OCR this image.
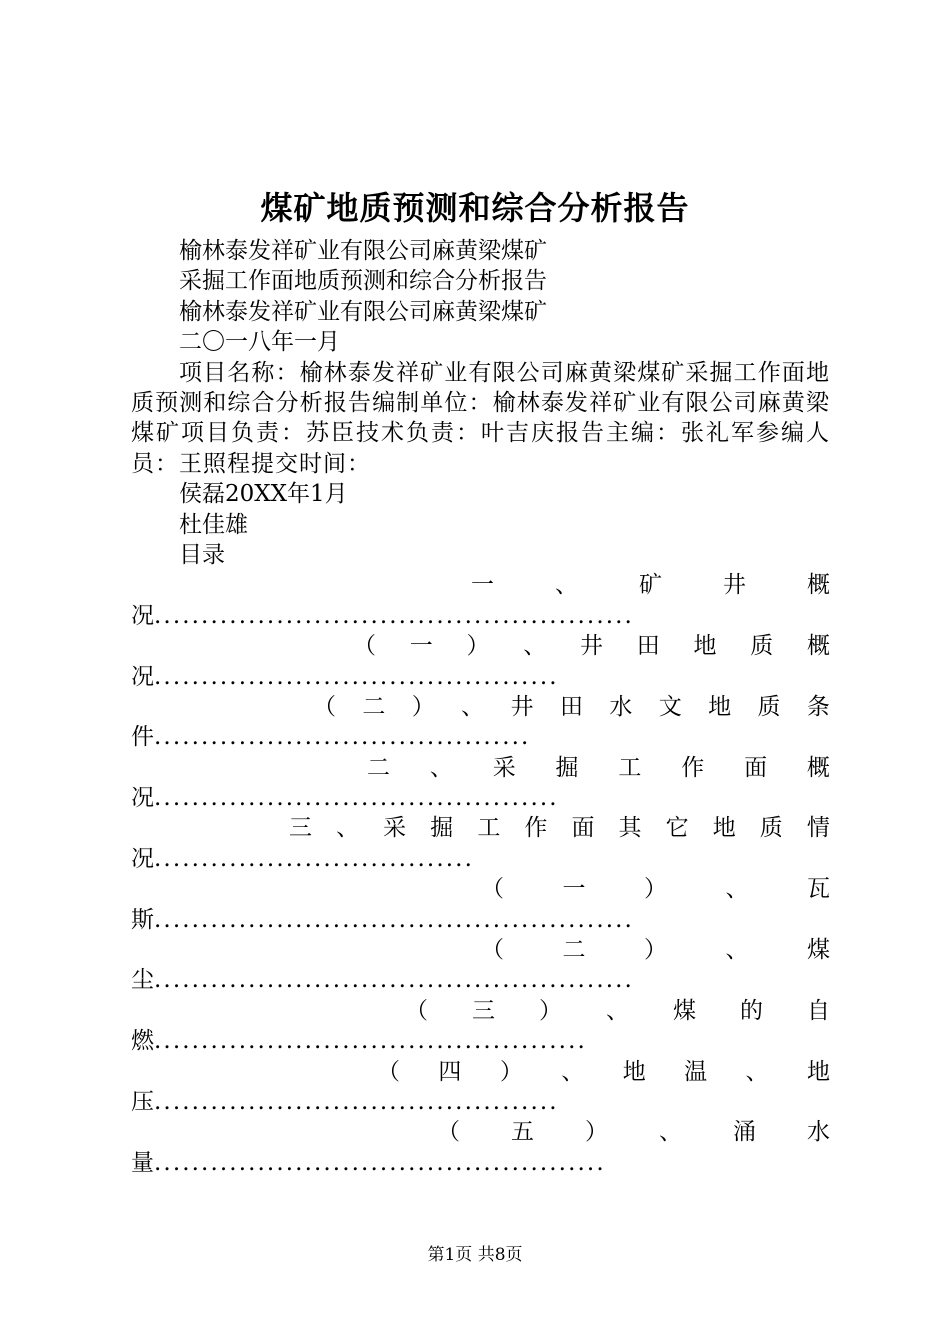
煤矿地质预测和综合分析报告
榆林泰发祥矿业有限公司麻黄梁煤矿
采掘工作面地质预测和综合分析报告
榆林泰发祥矿业有限公司麻黄梁煤矿
二〇一八年一月

项目名称：榆林泰发祥矿业有限公司麻黄梁煤矿采掘工作面地质预测和综合分析报告编制单位：榆林泰发祥矿业有限公司麻黄梁煤矿项目负责：苏臣技术负责：叶吉庆报告主编：张礼军参编人员：王照程提交时间：

侯磊20XX年1月
杜佳雄
目录
一	、	矿	井	概
况...................................................
（ 一 ） 、 井 田 地 质 概
况...........................................
（ 二 ） 、 井 田 水 文 地 质 条
件........................................
二 、 采 掘 工 作 面 概
况...........................................
三 、 采 掘 工 作 面 其 它 地 质 情
况..................................
（	一	）	、	瓦
斯...................................................
（	二	）	、	煤
尘...................................................
（ 三 ） 、 煤 的 自
燃..............................................
（ 四 ） 、 地 温 、 地
压...........................................
（ 五 ） 、 涌 水
量................................................
第1页 共8页
